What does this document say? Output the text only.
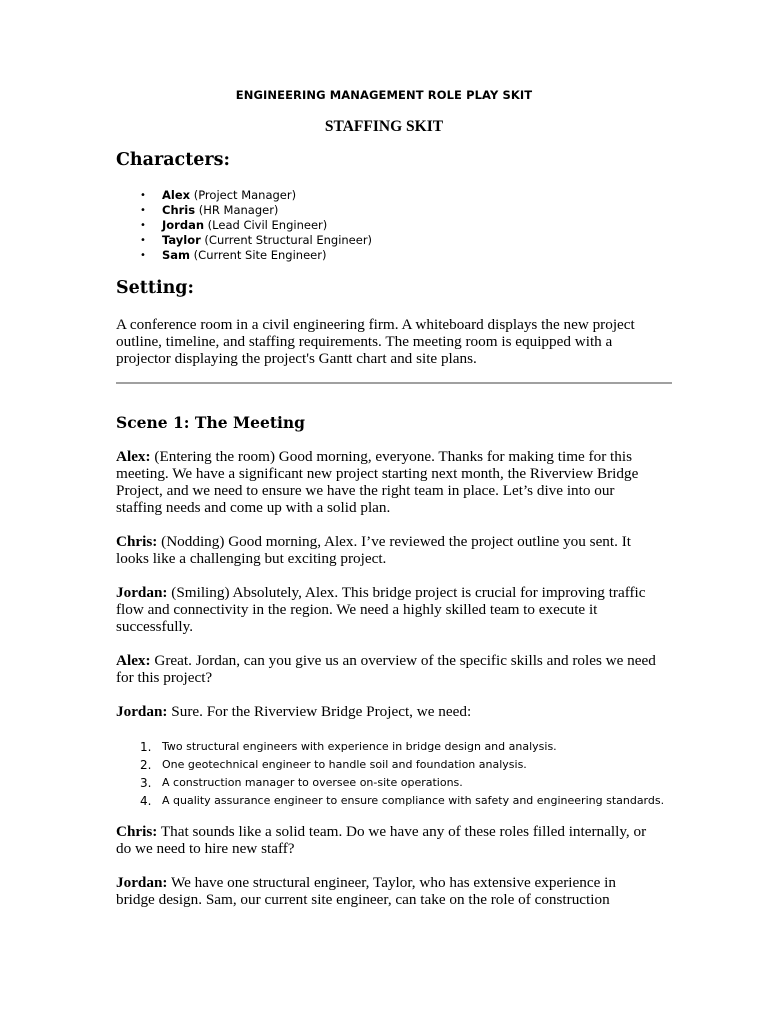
ENGINEERING MANAGEMENT ROLE PLAY SKIT
STAFFING SKIT
Characters:
• Alex (Project Manager)
• Chris (HR Manager)
• Jordan (Lead Civil Engineer)
• Taylor (Current Structural Engineer)
• Sam (Current Site Engineer)
Setting:

A conference room in a civil engineering firm. A whiteboard displays the new project outline, timeline, and staffing requirements. The meeting room is equipped with a projector displaying the project's Gantt chart and site plans.

Scene 1: The Meeting

Alex: (Entering the room) Good morning, everyone. Thanks for making time for this meeting. We have a significant new project starting next month, the Riverview Bridge Project, and we need to ensure we have the right team in place. Let’s dive into our staffing needs and come up with a solid plan.

Chris: (Nodding) Good morning, Alex. I’ve reviewed the project outline you sent. It looks like a challenging but exciting project.

Jordan: (Smiling) Absolutely, Alex. This bridge project is crucial for improving traffic flow and connectivity in the region. We need a highly skilled team to execute it successfully.

Alex: Great. Jordan, can you give us an overview of the specific skills and roles we need for this project?

Jordan: Sure. For the Riverview Bridge Project, we need:

1. Two structural engineers with experience in bridge design and analysis.
2. One geotechnical engineer to handle soil and foundation analysis.
3. A construction manager to oversee on-site operations.
4. A quality assurance engineer to ensure compliance with safety and engineering standards.

Chris: That sounds like a solid team. Do we have any of these roles filled internally, or do we need to hire new staff?

Jordan: We have one structural engineer, Taylor, who has extensive experience in bridge design. Sam, our current site engineer, can take on the role of construction
